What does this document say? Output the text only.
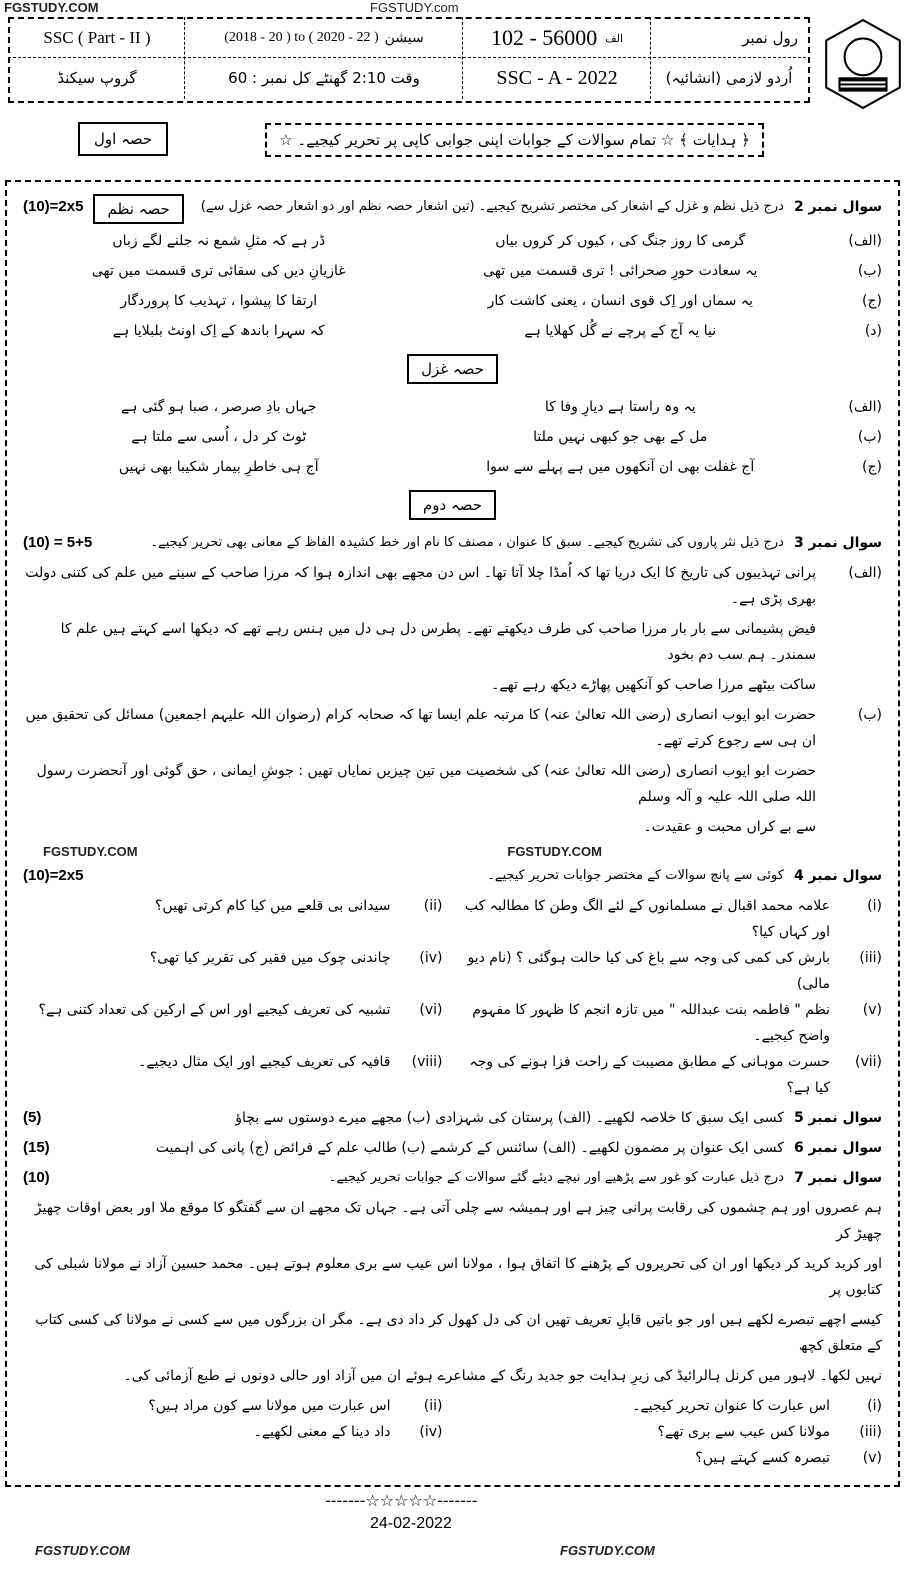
FGSTUDY.COM	FGSTUDY.com
SSC ( Part - II )	(2018 - 20 ) to ( 2020 - 22 ) سیشن	102 - 56000 الف	رول نمبر
گروپ سیکنڈ	وقت 2:10 گھنٹے کل نمبر : 60	SSC - A - 2022	اُردو لازمی (انشائیہ)
حصہ اول	﴿ ہدایات ﴾ ☆ تمام سوالات کے جوابات اپنی جوابی کاپی پر تحریر کیجیے۔ ☆
سوال نمبر 2
درج ذیل نظم و غزل کے اشعار کی مختصر تشریح کیجیے۔ (تین اشعار حصہ نظم اور دو اشعار حصہ غزل سے)
حصہ نظم
(10)=2x5
(الف)
گرمی کا روز جنگ کی ، کیوں کر کروں بیاں
ڈر ہے کہ مثلِ شمع نہ جلنے لگے زباں
(ب)
یہ سعادت حورِ صحرائی ! تری قسمت میں تھی
غازیانِ دیں کی سقائی تری قسمت میں تھی
(ج)
یہ سماں اور اِک قوی انسان ، یعنی کاشت کار
ارتقا کا پیشوا ، تہذیب کا پروردگار
(د)
نیا یہ آج کے پرچے نے گُل کھلایا ہے
کہ سہرا باندھ کے اِک اونٹ بلبلایا ہے
حصہ غزل
(الف)
یہ وہ راستا ہے دیارِ وفا کا
جہاں بادِ صرصر ، صبا ہو گئی ہے
(ب)
مل کے بھی جو کبھی نہیں ملتا
ٹوٹ کر دل ، اُسی سے ملتا ہے
(ج)
آج غفلت بھی ان آنکھوں میں ہے پہلے سے سوا
آج ہی خاطرِ بیمار شکیبا بھی نہیں
حصہ دوم
سوال نمبر 3
درج ذیل نثر پاروں کی تشریح کیجیے۔ سبق کا عنوان ، مصنف کا نام اور خط کشیدہ الفاظ کے معانی بھی تحریر کیجیے۔
(10) = 5+5
(الف)
پرانی تہذیبوں کی تاریخ کا ایک دریا تھا کہ اُمڈا چلا آتا تھا۔ اس دن مجھے بھی اندازہ ہوا کہ مرزا صاحب کے سینے میں علم کی کتنی دولت بھری پڑی ہے۔
فیض پشیمانی سے بار بار مرزا صاحب کی طرف دیکھتے تھے۔ پطرس دل ہی دل میں ہنس رہے تھے کہ دیکھا اسے کہتے ہیں علم کا سمندر۔ ہم سب دم بخود
ساکت بیٹھے مرزا صاحب کو آنکھیں پھاڑے دیکھ رہے تھے۔
(ب)
حضرت ابو ایوب انصاری (رضی اللہ تعالیٰ عنہ) کا مرتبہ علم ایسا تھا کہ صحابہ کرام (رضوان اللہ علیہم اجمعین) مسائل کی تحقیق میں ان ہی سے رجوع کرتے تھے۔
حضرت ابو ایوب انصاری (رضی اللہ تعالیٰ عنہ) کی شخصیت میں تین چیزیں نمایاں تھیں : جوشِ ایمانی ، حق گوئی اور آنحضرت رسول اللہ صلی اللہ علیہ و آلہ وسلم
سے بے کراں محبت و عقیدت۔
FGSTUDY.COM	FGSTUDY.COM
سوال نمبر 4
کوئی سے پانچ سوالات کے مختصر جوابات تحریر کیجیے۔
(10)=2x5
(i)
علامہ محمد اقبال نے مسلمانوں کے لئے الگ وطن کا مطالبہ کب اور کہاں کیا؟
(ii)
سیدانی بی قلعے میں کیا کام کرتی تھیں؟
(iii)
بارش کی کمی کی وجہ سے باغ کی کیا حالت ہوگئی ؟ (نام دیو مالی)
(iv)
چاندنی چوک میں فقیر کی تقریر کیا تھی؟
(v)
نظم " فاطمہ بنت عبداللہ " میں تازہ انجم کا ظہور کا مفہوم واضح کیجیے۔
(vi)
تشبیہ کی تعریف کیجیے اور اس کے ارکین کی تعداد کتنی ہے؟
(vii)
حسرت موہانی کے مطابق مصیبت کے راحت فزا ہونے کی وجہ کیا ہے؟
(viii)
قافیہ کی تعریف کیجیے اور ایک مثال دیجیے۔
سوال نمبر 5
کسی ایک سبق کا خلاصہ لکھیے۔ (الف) پرستان کی شہزادی (ب) مجھے میرے دوستوں سے بچاؤ
(5)
سوال نمبر 6
کسی ایک عنوان پر مضمون لکھیے۔ (الف) سائنس کے کرشمے (ب) طالب علم کے فرائض (ج) پانی کی اہمیت
(15)
سوال نمبر 7
درج ذیل عبارت کو غور سے پڑھیے اور نیچے دیئے گئے سوالات کے جوابات تحریر کیجیے۔
(10)
ہم عصروں اور ہم چشموں کی رقابت پرانی چیز ہے اور ہمیشہ سے چلی آتی ہے۔ جہاں تک مجھے ان سے گفتگو کا موقع ملا اور بعض اوقات چھیڑ چھیڑ کر
اور کرید کرید کر دیکھا اور ان کی تحریروں کے پڑھنے کا اتفاق ہوا ، مولانا اس عیب سے بری معلوم ہوتے ہیں۔ محمد حسین آزاد نے مولانا شبلی کی کتابوں پر
کیسے اچھے تبصرے لکھے ہیں اور جو باتیں قابلِ تعریف تھیں ان کی دل کھول کر داد دی ہے۔ مگر ان بزرگوں میں سے کسی نے مولانا کی کسی کتاب کے متعلق کچھ
نہیں لکھا۔ لاہور میں کرنل ہالرائیڈ کی زیرِ ہدایت جو جدید رنگ کے مشاعرے ہوئے ان میں آزاد اور حالی دونوں نے طبع آزمائی کی۔
(i)
اس عبارت کا عنوان تحریر کیجیے۔
(ii)
اس عبارت میں مولانا سے کون مراد ہیں؟
(iii)
مولانا کس عیب سے بری تھے؟
(iv)
داد دینا کے معنی لکھیے۔
(v)
تبصرہ کسے کہتے ہیں؟
-------☆☆☆☆☆-------
24-02-2022
FGSTUDY.COM	FGSTUDY.COM
